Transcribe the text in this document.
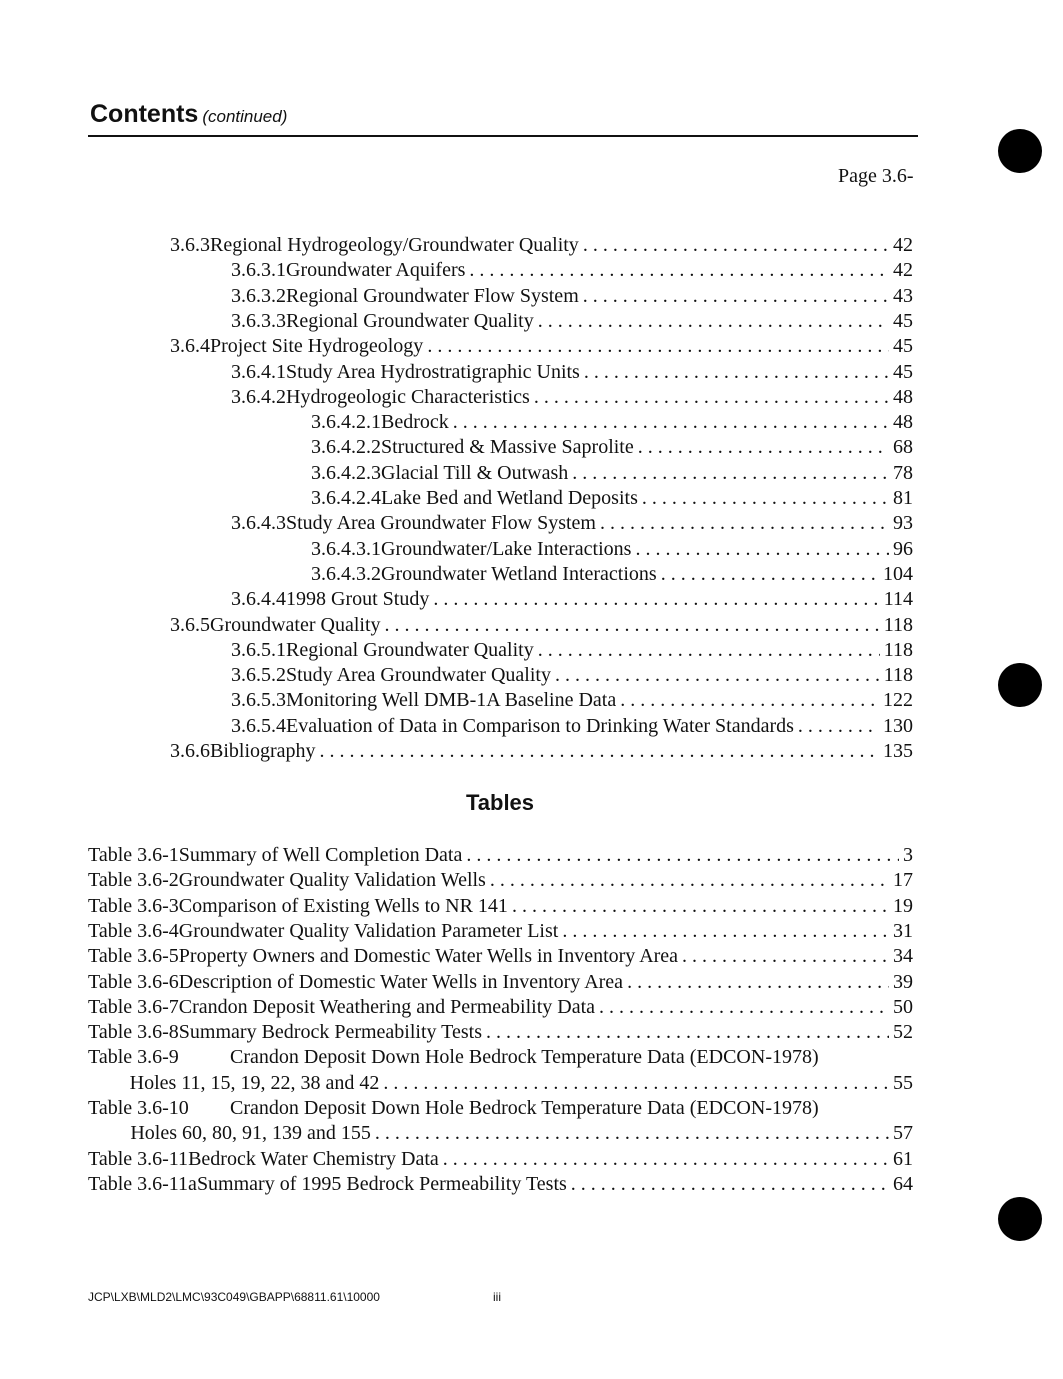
Contents (continued)
Page 3.6-
3.6.3 Regional Hydrogeology/Groundwater Quality . . .	42
3.6.3.1 Groundwater Aquifers . . .	42
3.6.3.2 Regional Groundwater Flow System . . .	43
3.6.3.3 Regional Groundwater Quality . . .	45
3.6.4 Project Site Hydrogeology . . .	45
3.6.4.1 Study Area Hydrostratigraphic Units . . .	45
3.6.4.2 Hydrogeologic Characteristics . . .	48
3.6.4.2.1 Bedrock . . .	48
3.6.4.2.2 Structured & Massive Saprolite . . .	68
3.6.4.2.3 Glacial Till & Outwash . . .	78
3.6.4.2.4 Lake Bed and Wetland Deposits . . .	81
3.6.4.3 Study Area Groundwater Flow System . . .	93
3.6.4.3.1 Groundwater/Lake Interactions . . .	96
3.6.4.3.2 Groundwater Wetland Interactions . . .	104
3.6.4.4 1998 Grout Study . . .	114
3.6.5 Groundwater Quality . . .	118
3.6.5.1 Regional Groundwater Quality . . .	118
3.6.5.2 Study Area Groundwater Quality . . .	118
3.6.5.3 Monitoring Well DMB-1A Baseline Data . . .	122
3.6.5.4 Evaluation of Data in Comparison to Drinking Water Standards . . .	130
3.6.6 Bibliography . . .	135
Tables
Table 3.6-1 Summary of Well Completion Data . . .	3
Table 3.6-2 Groundwater Quality Validation Wells . . .	17
Table 3.6-3 Comparison of Existing Wells to NR 141 . . .	19
Table 3.6-4 Groundwater Quality Validation Parameter List . . .	31
Table 3.6-5 Property Owners and Domestic Water Wells in Inventory Area . . .	34
Table 3.6-6 Description of Domestic Water Wells in Inventory Area . . .	39
Table 3.6-7 Crandon Deposit Weathering and Permeability Data . . .	50
Table 3.6-8 Summary Bedrock Permeability Tests . . .	52
Table 3.6-9	Crandon Deposit Down Hole Bedrock Temperature Data (EDCON-1978)
Holes 11, 15, 19, 22, 38 and 42 . . .	55
Table 3.6-10	Crandon Deposit Down Hole Bedrock Temperature Data (EDCON-1978)
Holes 60, 80, 91, 139 and 155 . . .	57
Table 3.6-11 Bedrock Water Chemistry Data . . .	61
Table 3.6-11a Summary of 1995 Bedrock Permeability Tests . . .	64
JCP\LXB\MLD2\LMC\93C049\GBAPP\68811.61\10000	iii
